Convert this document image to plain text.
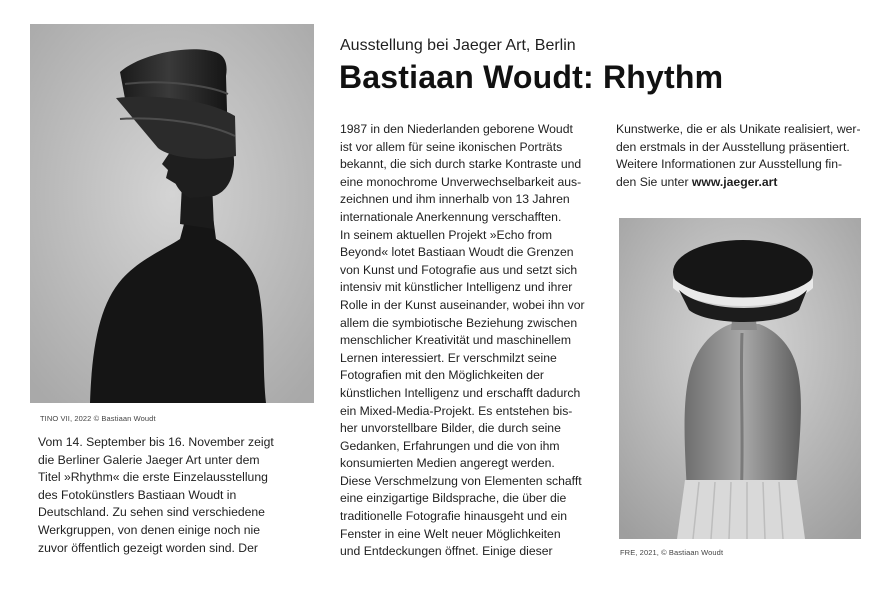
TINO VII, 2022 © Bastiaan Woudt
Ausstellung bei Jaeger Art, Berlin
Bastiaan Woudt: Rhythm
1987 in den Niederlanden geborene Woudt
ist vor allem für seine ikonischen Porträts
bekannt, die sich durch starke Kontraste und
eine monochrome Unverwechselbarkeit aus-
zeichnen und ihm innerhalb von 13 Jahren
internationale Anerkennung verschafften.
In seinem aktuellen Projekt »Echo from
Beyond« lotet Bastiaan Woudt die Grenzen
von Kunst und Fotografie aus und setzt sich
intensiv mit künstlicher Intelligenz und ihrer
Rolle in der Kunst auseinander, wobei ihn vor
allem die symbiotische Beziehung zwischen
menschlicher Kreativität und maschinellem
Lernen interessiert. Er verschmilzt seine
Fotografien mit den Möglichkeiten der
künstlichen Intelligenz und erschafft dadurch
ein Mixed-Media-Projekt. Es entstehen bis-
her unvorstellbare Bilder, die durch seine
Gedanken, Erfahrungen und die von ihm
konsumierten Medien angeregt werden.
Diese Verschmelzung von Elementen schafft
eine einzigartige Bildsprache, die über die
traditionelle Fotografie hinausgeht und ein
Fenster in eine Welt neuer Möglichkeiten
und Entdeckungen öffnet. Einige dieser
Kunstwerke, die er als Unikate realisiert, wer-
den erstmals in der Ausstellung präsentiert.
Weitere Informationen zur Ausstellung fin-
den Sie unter www.jaeger.art
FRE, 2021, © Bastiaan Woudt
Vom 14. September bis 16. November zeigt
die Berliner Galerie Jaeger Art unter dem
Titel »Rhythm« die erste Einzelausstellung
des Fotokünstlers Bastiaan Woudt in
Deutschland. Zu sehen sind verschiedene
Werkgruppen, von denen einige noch nie
zuvor öffentlich gezeigt worden sind. Der
